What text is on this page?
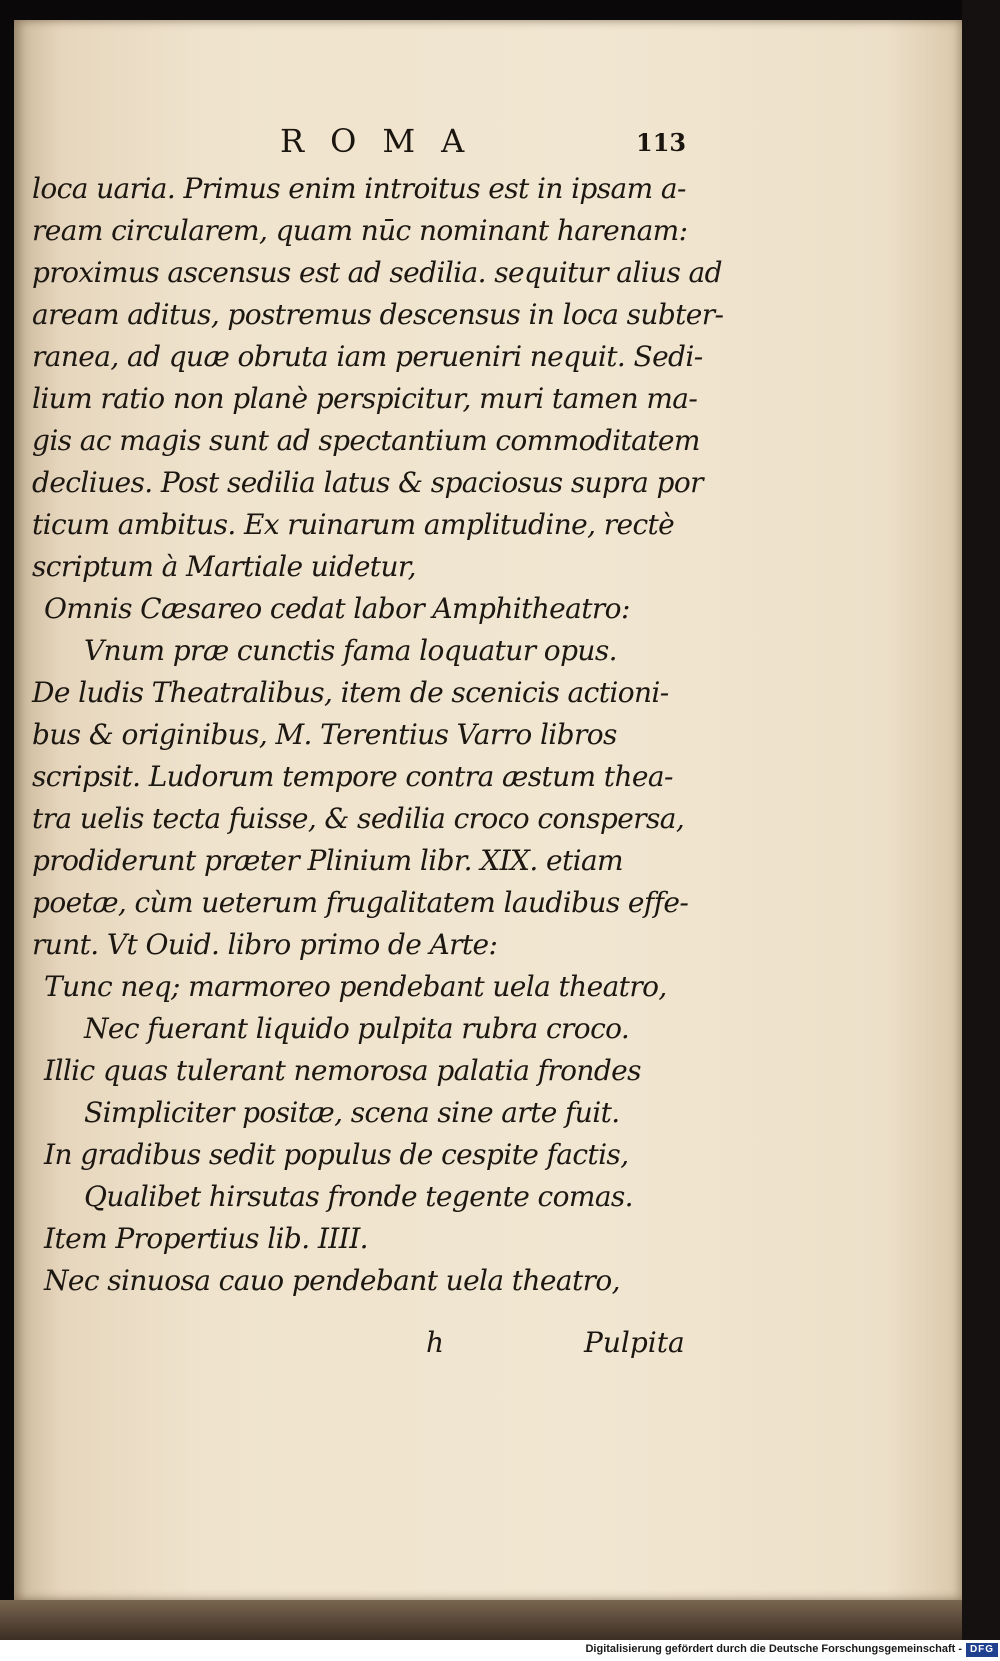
ROMA	113
loca uaria. Primus enim introitus est in ipsam a-
ream circularem, quam nūc nominant harenam:
proximus ascensus est ad sedilia. sequitur alius ad
aream aditus, postremus descensus in loca subter-
ranea, ad quæ obruta iam perueniri nequit. Sedi-
lium ratio non planè perspicitur, muri tamen ma-
gis ac magis sunt ad spectantium commoditatem
decliues. Post sedilia latus & spaciosus supra por
ticum ambitus. Ex ruinarum amplitudine, rectè
scriptum à Martiale uidetur,
Omnis Cæsareo cedat labor Amphitheatro:
Vnum præ cunctis fama loquatur opus.
De ludis Theatralibus, item de scenicis actioni-
bus & originibus, M. Terentius Varro libros
scripsit. Ludorum tempore contra æstum thea-
tra uelis tecta fuisse, & sedilia croco conspersa,
prodiderunt præter Plinium libr. XIX. etiam
poetæ, cùm ueterum frugalitatem laudibus effe-
runt. Vt Ouid. libro primo de Arte:
Tunc neq; marmoreo pendebant uela theatro,
Nec fuerant liquido pulpita rubra croco.
Illic quas tulerant nemorosa palatia frondes
Simpliciter positæ, scena sine arte fuit.
In gradibus sedit populus de cespite factis,
Qualibet hirsutas fronde tegente comas.
Item Propertius lib. IIII.
Nec sinuosa cauo pendebant uela theatro,
h	Pulpita
Digitalisierung gefördert durch die Deutsche Forschungsgemeinschaft - DFG
